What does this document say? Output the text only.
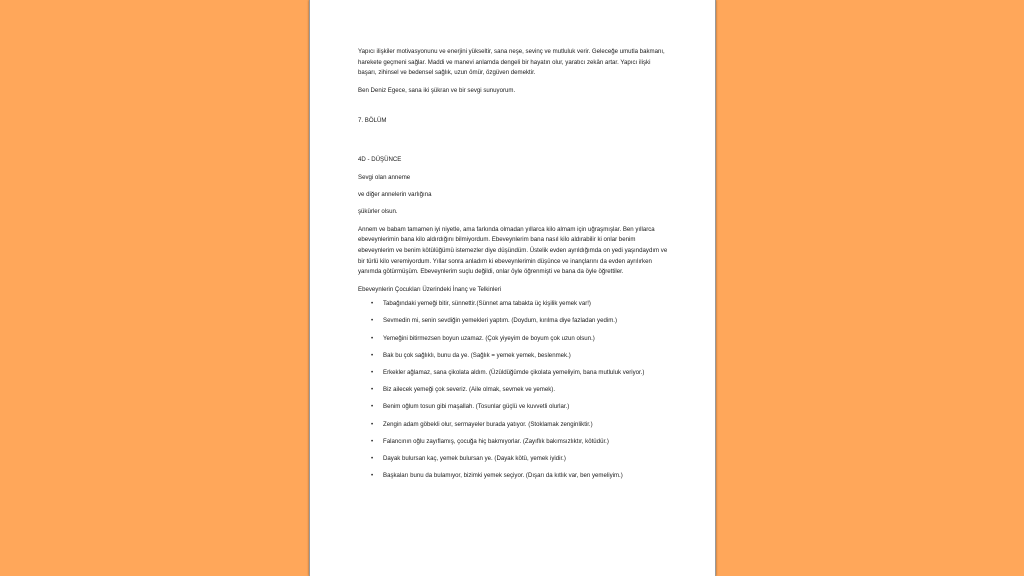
Yapıcı ilişkiler motivasyonunu ve enerjini yükseltir, sana neşe, sevinç ve mutluluk verir. Geleceğe umutla bakmanı, harekete geçmeni sağlar. Maddi ve manevi anlamda dengeli bir hayatın olur, yaratıcı zekân artar. Yapıcı ilişki başarı, zihinsel ve bedensel sağlık, uzun ömür, özgüven demektir.

Ben Deniz Egece, sana iki şükran ve bir sevgi sunuyorum.

7. BÖLÜM

4D - DÜŞÜNCE

Sevgi olan anneme

ve diğer annelerin varlığına

şükürler olsun.

Annem ve babam tamamen iyi niyetle, ama farkında olmadan yıllarca kilo almam için uğraşmışlar. Ben yıllarca ebeveynlerimin bana kilo aldırdığını bilmiyordum. Ebeveynlerim bana nasıl kilo aldırabilir ki onlar benim ebeveynlerim ve benim kötülüğümü istemezler diye düşündüm. Üstelik evden ayrıldığımda on yedi yaşındaydım ve bir türlü kilo veremiyordum. Yıllar sonra anladım ki ebeveynlerimin düşünce ve inançlarını da evden ayrılırken yanımda götürmüşüm. Ebeveynlerim suçlu değildi, onlar öyle öğrenmişti ve bana da öyle öğrettiler.

Ebeveynlerin Çocukları Üzerindeki İnanç ve Telkinleri

• Tabağındaki yemeği bitir, sünnettir.(Sünnet ama tabakta üç kişilik yemek var!)
• Sevmedin mi, senin sevdiğin yemekleri yaptım. (Doydum, kırılma diye fazladan yedim.)
• Yemeğini bitirmezsen boyun uzamaz. (Çok yiyeyim de boyum çok uzun olsun.)
• Bak bu çok sağlıklı, bunu da ye. (Sağlık = yemek yemek, beslenmek.)
• Erkekler ağlamaz, sana çikolata aldım. (Üzüldüğümde çikolata yemeliyim, bana mutluluk veriyor.)
• Biz ailecek yemeği çok severiz. (Aile olmak, sevmek ve yemek).
• Benim oğlum tosun gibi maşallah. (Tosunlar güçlü ve kuvvetli olurlar.)
• Zengin adam göbekli olur, sermayeler burada yatıyor. (Stoklamak zenginliktir.)
• Falancının oğlu zayıflamış, çocuğa hiç bakmıyorlar. (Zayıflık bakımsızlıktır, kötüdür.)
• Dayak bulursan kaç, yemek bulursan ye. (Dayak kötü, yemek iyidir.)
• Başkaları bunu da bulamıyor, bizimki yemek seçiyor. (Dışarı da kıtlık var, ben yemeliyim.)
